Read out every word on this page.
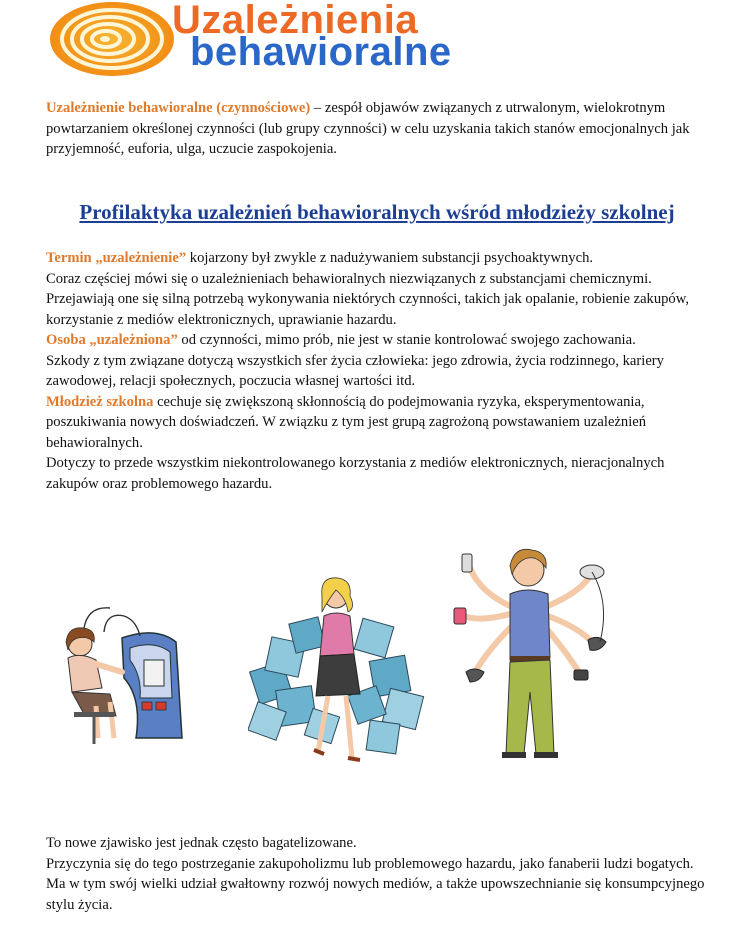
Uzależnienia
behawioralne

Uzależnienie behawioralne (czynnościowe) – zespół objawów związanych z utrwalonym, wielokrotnym powtarzaniem określonej czynności (lub grupy czynności) w celu uzyskania takich stanów emocjonalnych jak przyjemność, euforia, ulga, uczucie zaspokojenia.

Profilaktyka uzależnień behawioralnych wśród młodzieży szkolnej
Termin „uzależnienie” kojarzony był zwykle z nadużywaniem substancji psychoaktywnych.
Coraz częściej mówi się o uzależnieniach behawioralnych niezwiązanych z substancjami chemicznymi. Przejawiają one się silną potrzebą wykonywania niektórych czynności, takich jak opalanie, robienie zakupów, korzystanie z mediów elektronicznych, uprawianie hazardu.
Osoba „uzależniona” od czynności, mimo prób, nie jest w stanie kontrolować swojego zachowania.
Szkody z tym związane dotyczą wszystkich sfer życia człowieka: jego zdrowia, życia rodzinnego, kariery zawodowej, relacji społecznych, poczucia własnej wartości itd.
Młodzież szkolna cechuje się zwiększoną skłonnością do podejmowania ryzyka, eksperymentowania, poszukiwania nowych doświadczeń. W związku z tym jest grupą zagrożoną powstawaniem uzależnień behawioralnych.
Dotyczy to przede wszystkim niekontrolowanego korzystania z mediów elektronicznych, nieracjonalnych zakupów oraz problemowego hazardu.
To nowe zjawisko jest jednak często bagatelizowane.
Przyczynia się do tego postrzeganie zakupoholizmu lub problemowego hazardu, jako fanaberii ludzi bogatych.
Ma w tym swój wielki udział gwałtowny rozwój nowych mediów, a także upowszechnianie się konsumpcyjnego stylu życia.
